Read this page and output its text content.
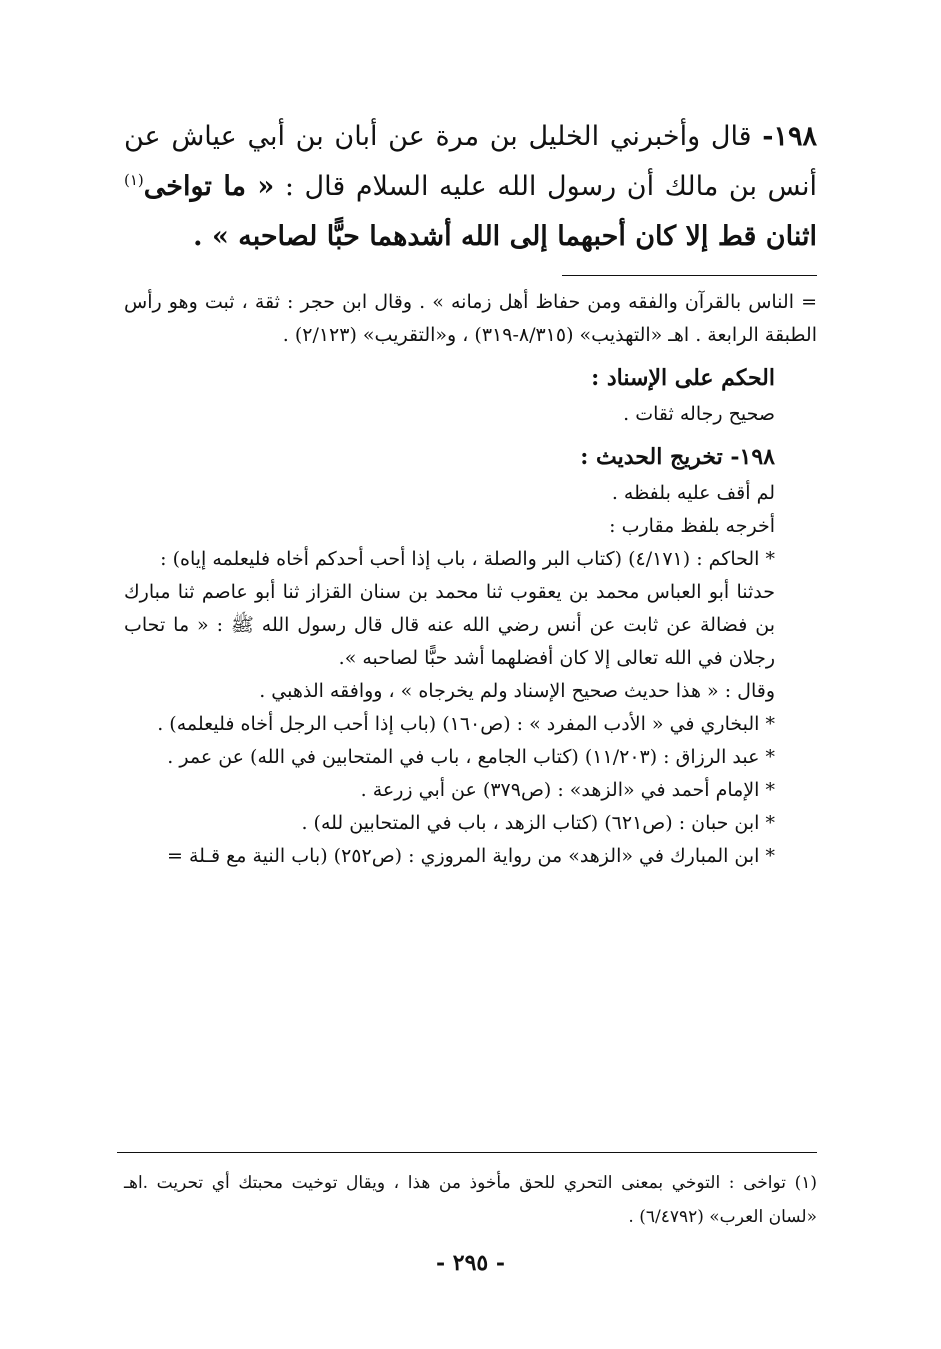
١٩٨- قال وأخبرني الخليل بن مرة عن أبان بن أبي عياش عن أنس بن مالك أن رسول الله عليه السلام قال : « ما تواخى$^{(١)}$ اثنان قط إلا كان أحبهما إلى الله أشدهما حبًّا لصاحبه » .

= الناس بالقرآن والفقه ومن حفاظ أهل زمانه » . وقال ابن حجر : ثقة ، ثبت وهو رأس الطبقة الرابعة . اهـ «التهذيب» (٨/٣١٥-٣١٩) ، و«التقريب» (٢/١٢٣) .

الحكم على الإسناد :

صحيح رجاله ثقات .

١٩٨- تخريج الحديث :

لم أقف عليه بلفظه .

أخرجه بلفظ مقارب :

* الحاكم : (٤/١٧١) (كتاب البر والصلة ، باب إذا أحب أحدكم أخاه فليعلمه إياه) :

حدثنا أبو العباس محمد بن يعقوب ثنا محمد بن سنان القزاز ثنا أبو عاصم ثنا مبارك بن فضالة عن ثابت عن أنس رضي الله عنه قال قال رسول الله ﷺ : « ما تحاب رجلان في الله تعالى إلا كان أفضلهما أشد حبًّا لصاحبه ».

وقال : « هذا حديث صحيح الإسناد ولم يخرجاه » ، ووافقه الذهبي .

* البخاري في « الأدب المفرد » : (ص١٦٠) (باب إذا أحب الرجل أخاه فليعلمه) .

* عبد الرزاق : (١١/٢٠٣) (كتاب الجامع ، باب في المتحابين في الله) عن عمر .

* الإمام أحمد في «الزهد» : (ص٣٧٩) عن أبي زرعة .

* ابن حبان : (ص٦٢١) (كتاب الزهد ، باب في المتحابين لله) .

* ابن المبارك في «الزهد» من رواية المروزي : (ص٢٥٢) (باب النية مع قـلة =

(١) تواخى : التوخي بمعنى التحري للحق مأخوذ من هذا ، ويقال توخيت محبتك أي تحريت .اهـ «لسان العرب» (٦/٤٧٩٢) .

- ٢٩٥ -
